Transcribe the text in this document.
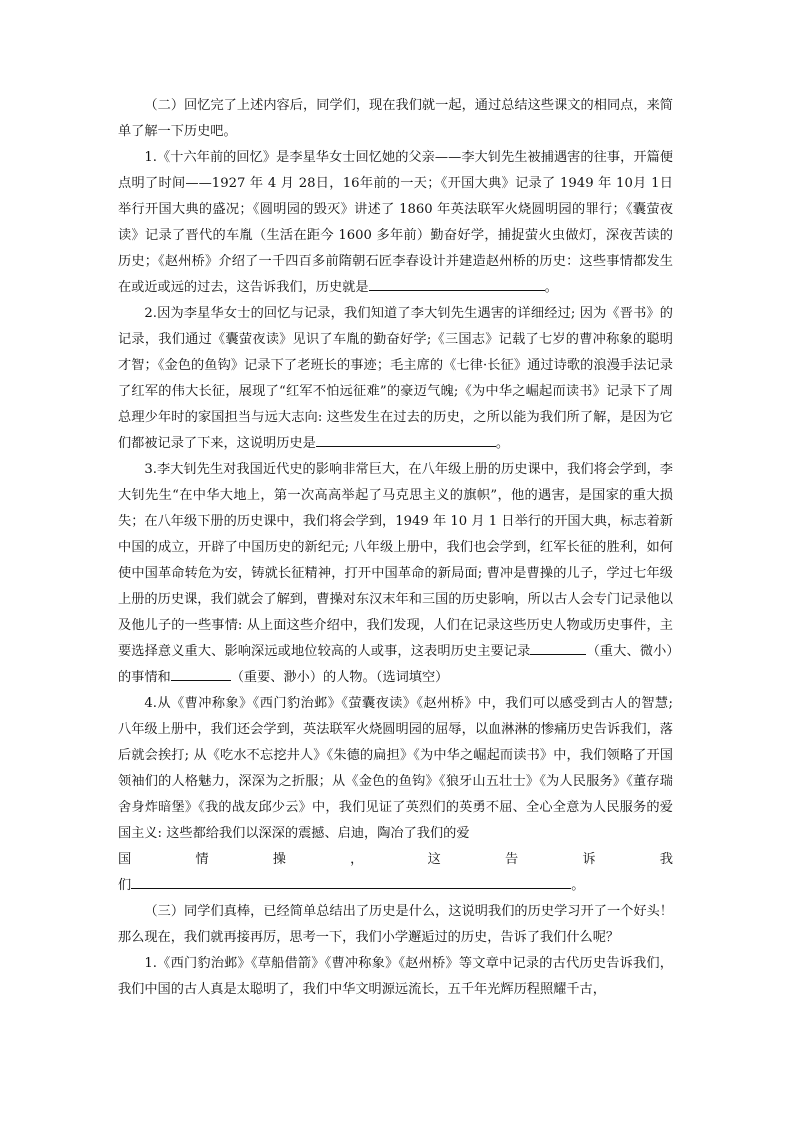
（二）回忆完了上述内容后，同学们，现在我们就一起，通过总结这些课文的相同点，来简单了解一下历史吧。

1.《十六年前的回忆》是李星华女士回忆她的父亲——李大钊先生被捕遇害的往事，开篇便点明了时间——1927 年 4 月 28日，16年前的一天；《开国大典》记录了 1949 年 10月 1日举行开国大典的盛况；《圆明园的毁灭》讲述了 1860 年英法联军火烧圆明园的罪行；《囊萤夜读》记录了晋代的车胤（生活在距今 1600 多年前）勤奋好学，捕捉萤火虫做灯，深夜苦读的历史；《赵州桥》介绍了一千四百多前隋朝石匠李春设计并建造赵州桥的历史：这些事情都发生在或近或远的过去，这告诉我们，历史就是	。

2.因为李星华女士的回忆与记录，我们知道了李大钊先生遇害的详细经过; 因为《晋书》的记录，我们通过《囊萤夜读》见识了车胤的勤奋好学;《三国志》记载了七岁的曹冲称象的聪明才智；《金色的鱼钩》记录下了老班长的事迹；毛主席的《七律·长征》通过诗歌的浪漫手法记录了红军的伟大长征，展现了“红军不怕远征难”的豪迈气魄;《为中华之崛起而读书》记录下了周总理少年时的家国担当与远大志向: 这些发生在过去的历史，之所以能为我们所了解，是因为它们都被记录了下来，这说明历史是	。

3.李大钊先生对我国近代史的影响非常巨大，在八年级上册的历史课中，我们将会学到，李大钊先生“在中华大地上，第一次高高举起了马克思主义的旗帜”，他的遇害，是国家的重大损失；在八年级下册的历史课中，我们将会学到，1949 年 10 月 1 日举行的开国大典，标志着新中国的成立，开辟了中国历史的新纪元; 八年级上册中，我们也会学到，红军长征的胜利，如何使中国革命转危为安，铸就长征精神，打开中国革命的新局面; 曹冲是曹操的儿子，学过七年级上册的历史课，我们就会了解到，曹操对东汉末年和三国的历史影响，所以古人会专门记录他以及他儿子的一些事情: 从上面这些介绍中，我们发现，人们在记录这些历史人物或历史事件，主要选择意义重大、影响深远或地位较高的人或事，这表明历史主要记录	（重大、微小）的事情和	（重要、渺小）的人物。（选词填空）

4.从《曹冲称象》《西门豹治邺》《萤囊夜读》《赵州桥》中，我们可以感受到古人的智慧; 八年级上册中，我们还会学到，英法联军火烧圆明园的屈辱，以血淋淋的惨痛历史告诉我们，落后就会挨打; 从《吃水不忘挖井人》《朱德的扁担》《为中华之崛起而读书》中，我们领略了开国领袖们的人格魅力，深深为之折服；从《金色的鱼钩》《狼牙山五壮士》《为人民服务》《董存瑞舍身炸暗堡》《我的战友邱少云》中，我们见证了英烈们的英勇不屈、全心全意为人民服务的爱国主义: 这些都给我们以深深的震撼、启迪，陶冶了我们的爱

国	情	操	，	这	告	诉	我

们	。

（三）同学们真棒，已经简单总结出了历史是什么，这说明我们的历史学习开了一个好头！那么现在，我们就再接再厉，思考一下，我们小学邂逅过的历史，告诉了我们什么呢？

1.《西门豹治邺》《草船借箭》《曹冲称象》《赵州桥》等文章中记录的古代历史告诉我们，我们中国的古人真是太聪明了，我们中华文明源远流长，五千年光辉历程照耀千古，
